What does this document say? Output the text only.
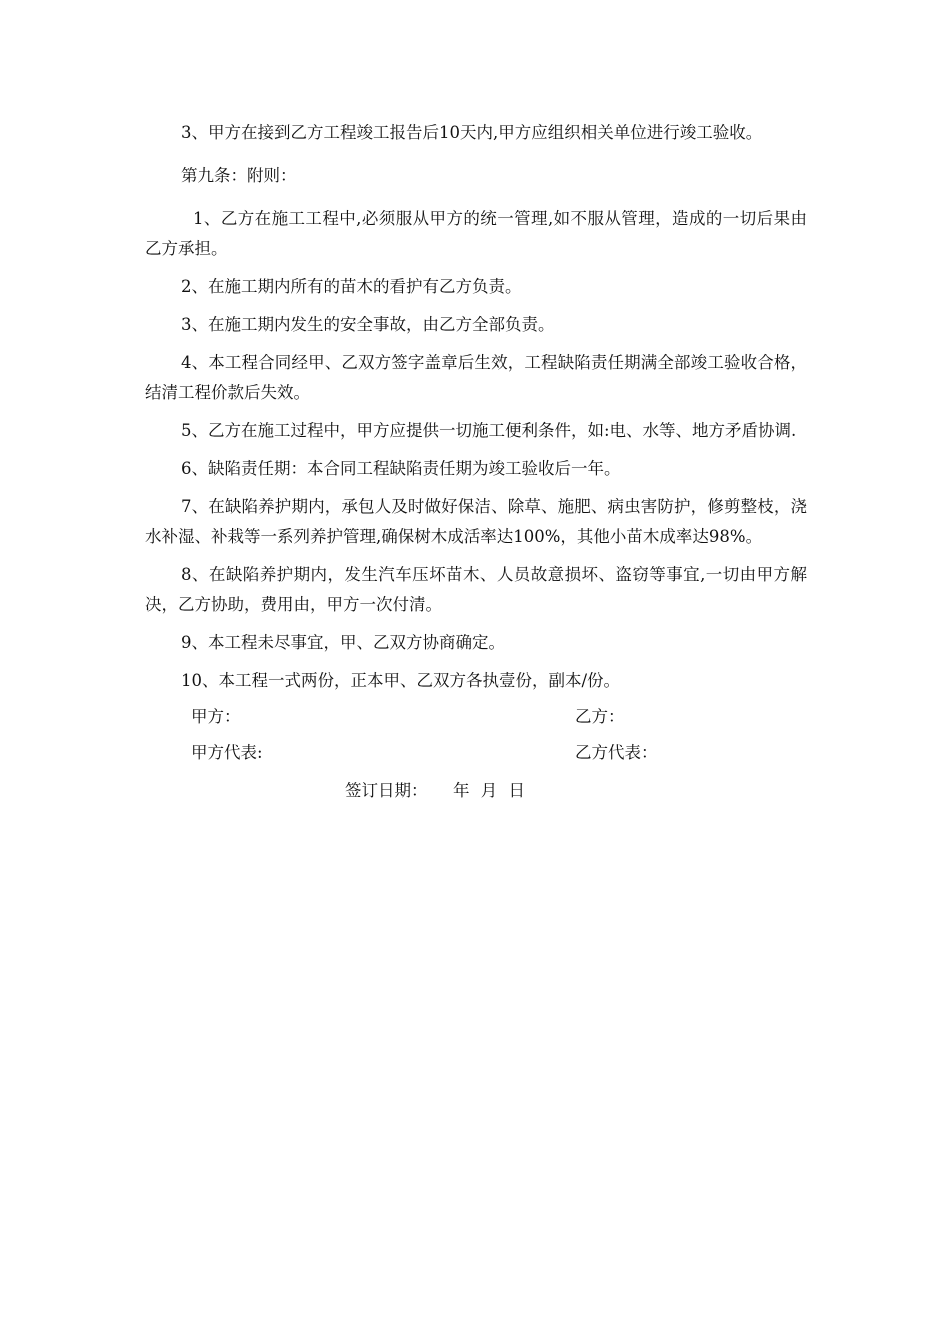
3、甲方在接到乙方工程竣工报告后10天内,甲方应组织相关单位进行竣工验收。

第九条：附则：

1、乙方在施工工程中,必须服从甲方的统一管理,如不服从管理，造成的一切后果由乙方承担。

2、在施工期内所有的苗木的看护有乙方负责。

3、在施工期内发生的安全事故，由乙方全部负责。

4、本工程合同经甲、乙双方签字盖章后生效，工程缺陷责任期满全部竣工验收合格，结清工程价款后失效。

5、乙方在施工过程中，甲方应提供一切施工便利条件，如:电、水等、地方矛盾协调.

6、缺陷责任期：本合同工程缺陷责任期为竣工验收后一年。

7、在缺陷养护期内，承包人及时做好保洁、除草、施肥、病虫害防护，修剪整枝，浇水补湿、补栽等一系列养护管理,确保树木成活率达100%，其他小苗木成率达98%。

8、在缺陷养护期内，发生汽车压坏苗木、人员故意损坏、盗窃等事宜,一切由甲方解决，乙方协助，费用由，甲方一次付清。

9、本工程未尽事宜，甲、乙双方协商确定。

10、本工程一式两份，正本甲、乙双方各执壹份，副本/份。

甲方：	乙方：
甲方代表:	乙方代表：
签订日期： 年 月 日
